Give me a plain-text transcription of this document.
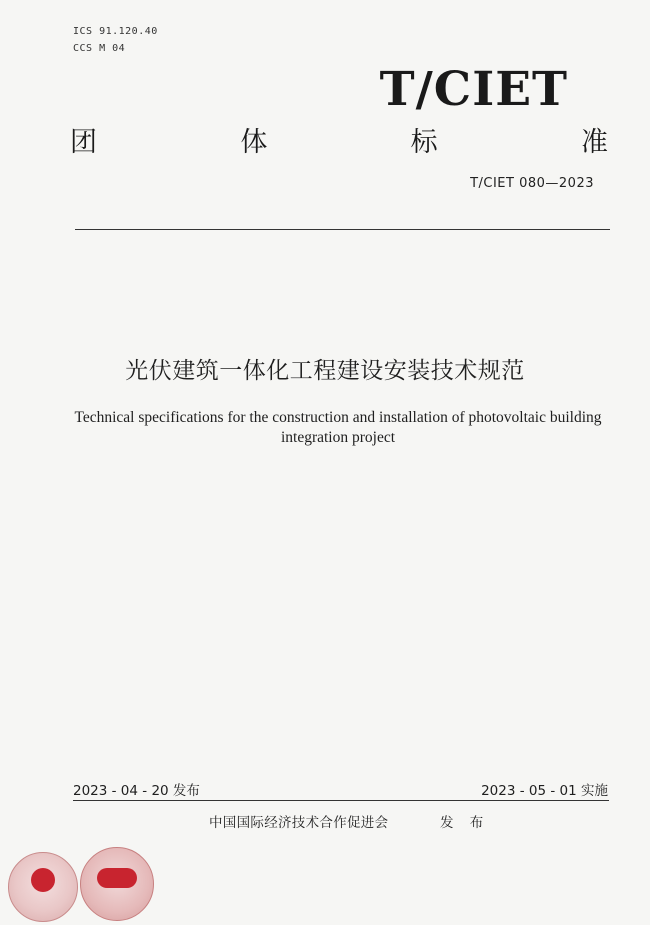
ICS 91.120.40
CCS M 04
T/CIET
团	体	标	准
T/CIET 080—2023
光伏建筑一体化工程建设安装技术规范
Technical specifications for the construction and installation of photovoltaic building
integration project
2023 - 04 - 20 发布	2023 - 05 - 01 实施
中国国际经济技术合作促进会	发 布
